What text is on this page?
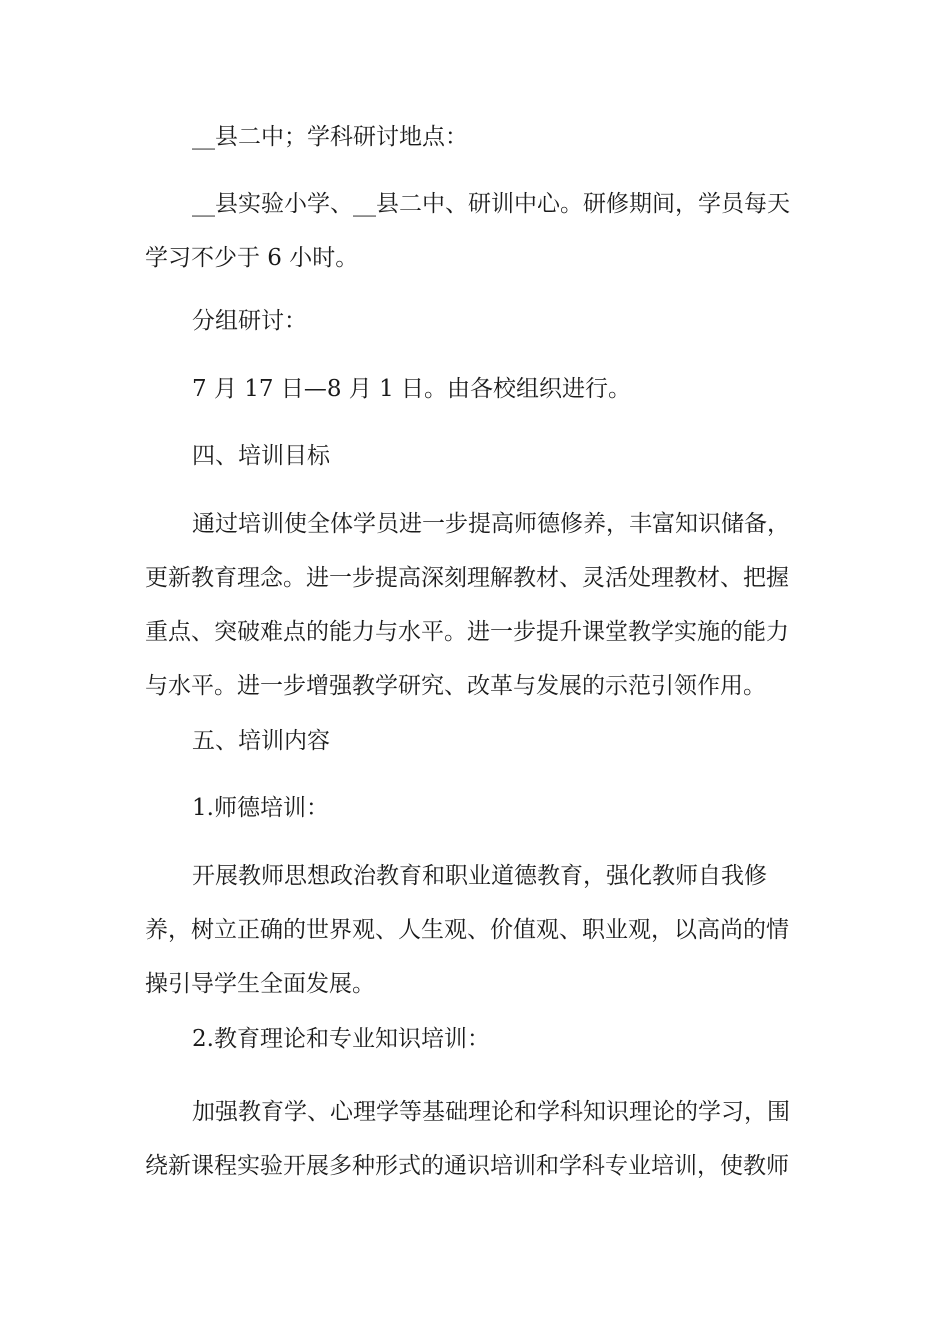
__县二中；学科研讨地点：

__县实验小学、__县二中、研训中心。研修期间，学员每天
学习不少于 6 小时。

分组研讨：

7 月 17 日—8 月 1 日。由各校组织进行。

四、培训目标

通过培训使全体学员进一步提高师德修养，丰富知识储备，
更新教育理念。进一步提高深刻理解教材、灵活处理教材、把握
重点、突破难点的能力与水平。进一步提升课堂教学实施的能力
与水平。进一步增强教学研究、改革与发展的示范引领作用。

五、培训内容

1.师德培训：

开展教师思想政治教育和职业道德教育，强化教师自我修
养，树立正确的世界观、人生观、价值观、职业观，以高尚的情
操引导学生全面发展。

2.教育理论和专业知识培训：

加强教育学、心理学等基础理论和学科知识理论的学习，围
绕新课程实验开展多种形式的通识培训和学科专业培训，使教师
